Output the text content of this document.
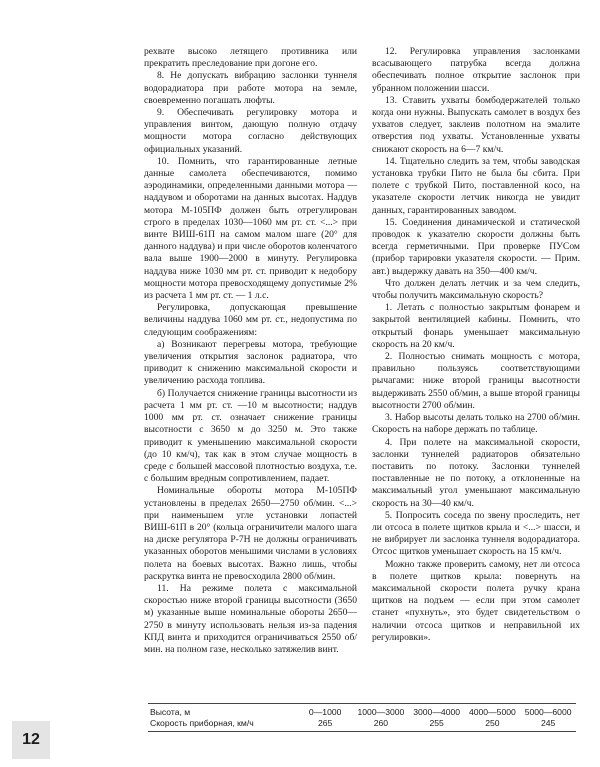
рехвате высоко летящего противника или прекратить преследование при догоне его.

8. Не допускать вибрацию заслонки туннеля водорадиатора при работе мотора на земле, своевременно погашать люфты.

9. Обеспечивать регулировку мотора и управления винтом, дающую полную отдачу мощности мотора согласно действующих официальных указаний.

10. Помнить, что гарантированные летные данные самолета обеспечиваются, помимо аэродинамики, определенными данными мотора — наддувом и оборотами на данных высотах. Наддув мотора М-105ПФ должен быть отрегулирован строго в пределах 1030—1060 мм рт. ст. <...> при винте ВИШ-61П на самом малом шаге (20° для данного наддува) и при числе оборотов коленчатого вала выше 1900—2000 в минуту. Регулировка наддува ниже 1030 мм рт. ст. приводит к недобору мощности мотора превосходящему допустимые 2% из расчета 1 мм рт. ст. — 1 л.с.

Регулировка, допускающая превышение величины наддува 1060 мм рт. ст., недопустима по следующим соображениям:

а) Возникают перегревы мотора, требующие увеличения открытия заслонок радиатора, что приводит к снижению максимальной скорости и увеличению расхода топлива.

б) Получается снижение границы высотности из расчета 1 мм рт. ст. —10 м высотности; наддув 1000 мм рт. ст. означает снижение границы высотности с 3650 м до 3250 м. Это также приводит к уменьшению максимальной скорости (до 10 км/ч), так как в этом случае мощность в среде с большей массовой плотностью воздуха, т.е. с большим вредным сопротивлением, падает.

Номинальные обороты мотора М-105ПФ установлены в пределах 2650—2750 об/мин. <...> при наименьшем угле установки лопастей ВИШ-61П в 20° (кольца ограничители малого шага на диске регулятора Р-7Н не должны ограничивать указанных оборотов меньшими числами в условиях полета на боевых высотах. Важно лишь, чтобы раскрутка винта не превосходила 2800 об/мин.

11. На режиме полета с максимальной скоростью ниже второй границы высотности (3650 м) указанные выше номинальные обороты 2650—2750 в минуту использовать нельзя из-за падения КПД винта и приходится ограничиваться 2550 об/мин. на полном газе, несколько затяжелив винт.

12. Регулировка управления заслонками всасывающего патрубка всегда должна обеспечивать полное открытие заслонок при убранном положении шасси.

13. Ставить ухваты бомбодержателей только когда они нужны. Выпускать самолет в воздух без ухватов следует, заклеив полотном на эмалите отверстия под ухваты. Установленные ухваты снижают скорость на 6—7 км/ч.

14. Тщательно следить за тем, чтобы заводская установка трубки Пито не была бы сбита. При полете с трубкой Пито, поставленной косо, на указателе скорости летчик никогда не увидит данных, гарантированных заводом.

15. Соединения динамической и статической проводок к указателю скорости должны быть всегда герметичными. При проверке ПУСом (прибор тарировки указателя скорости. — Прим. авт.) выдержку давать на 350—400 км/ч.

Что должен делать летчик и за чем следить, чтобы получить максимальную скорость?

1. Летать с полностью закрытым фонарем и закрытой вентиляцией кабины. Помнить, что открытый фонарь уменьшает максимальную скорость на 20 км/ч.

2. Полностью снимать мощность с мотора, правильно пользуясь соответствующими рычагами: ниже второй границы высотности выдерживать 2550 об/мин, а выше второй границы высотности 2700 об/мин.

3. Набор высоты делать только на 2700 об/мин. Скорость на наборе держать по таблице.

4. При полете на максимальной скорости, заслонки туннелей радиаторов обязательно поставить по потоку. Заслонки туннелей поставленные не по потоку, а отклоненные на максимальный угол уменьшают максимальную скорость на 30—40 км/ч.

5. Попросить соседа по звену проследить, нет ли отсоса в полете щитков крыла и <...> шасси, и не вибрирует ли заслонка туннеля водорадиатора. Отсос щитков уменьшает скорость на 15 км/ч.

Можно также проверить самому, нет ли отсоса в полете щитков крыла: повернуть на максимальной скорости полета ручку крана щитков на подъем — если при этом самолет станет «пухнуть», это будет свидетельством о наличии отсоса щитков и неправильной их регулировки».

Высота, м	0—1000	1000—3000	3000—4000	4000—5000	5000—6000
Скорость приборная, км/ч	265	260	255	250	245
12
